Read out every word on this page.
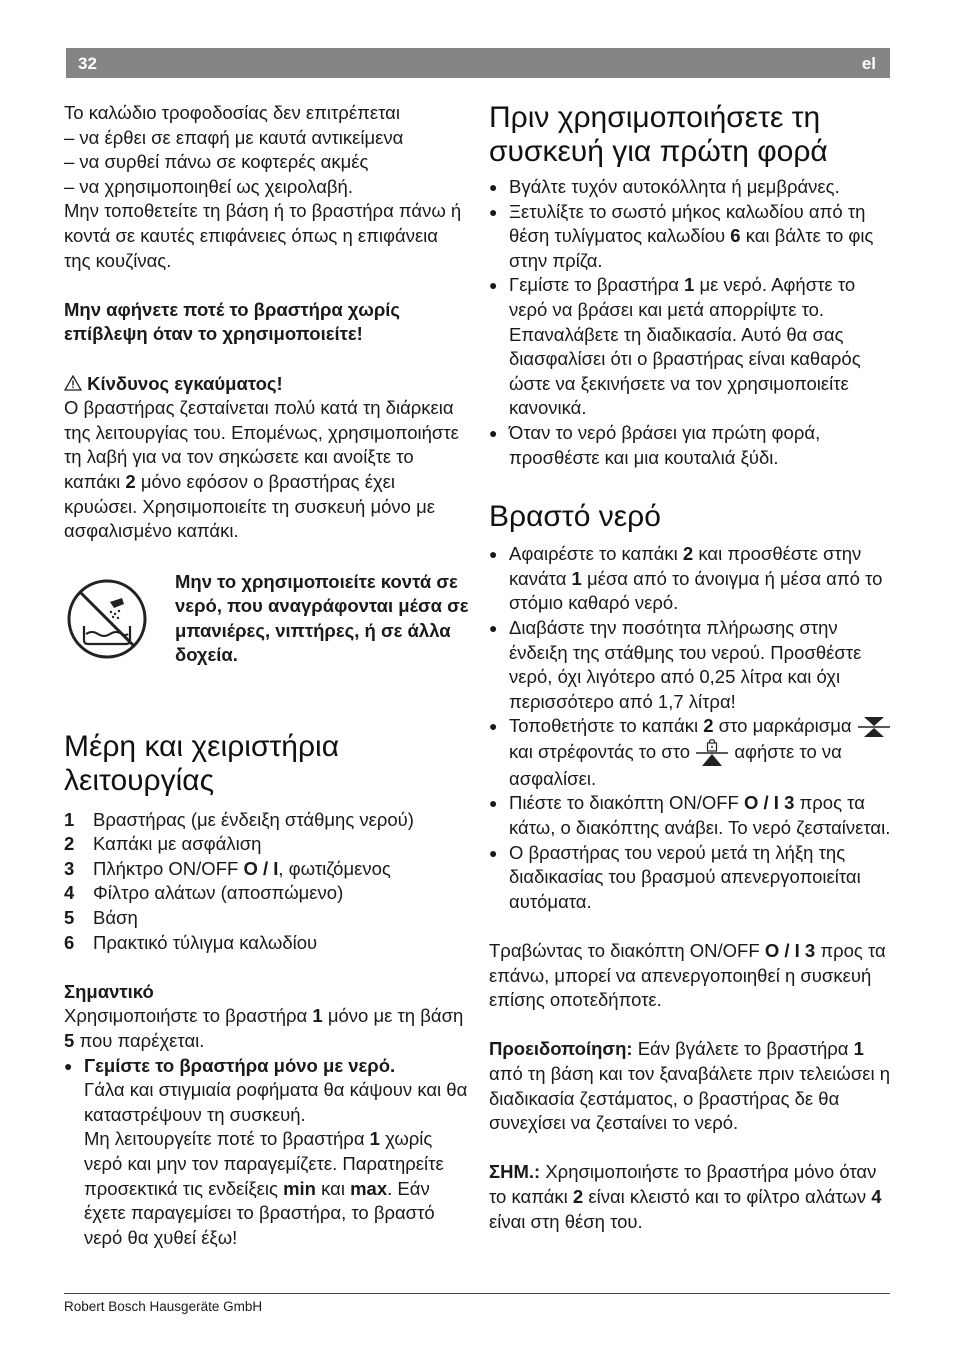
32	el

Το καλώδιο τροφοδοσίας δεν επιτρέπεται

– να έρθει σε επαφή με καυτά αντικείμενα

– να συρθεί πάνω σε κοφτερές ακμές

– να χρησιμοποιηθεί ως χειρολαβή.

Μην τοποθετείτε τη βάση ή το βραστήρα πάνω ή κοντά σε καυτές επιφάνειες όπως η επιφάνεια της κουζίνας.

Μην αφήνετε ποτέ το βραστήρα χωρίς επίβλεψη όταν το χρησιμοποιείτε!

Κίνδυνος εγκαύματος!

Ο βραστήρας ζεσταίνεται πολύ κατά τη διάρκεια της λειτουργίας του. Επομένως, χρησιμοποιήστε τη λαβή για να τον σηκώσετε και ανοίξτε το καπάκι 2 μόνο εφόσον ο βραστήρας έχει κρυώσει. Χρησιμοποιείτε τη συσκευή μόνο με ασφαλισμένο καπάκι.

Μην το χρησιμοποιείτε κοντά σε νερό, που αναγράφονται μέσα σε μπανιέρες, νιπτήρες, ή σε άλλα δοχεία.
Μέρη και χειριστήρια λειτουργίας

1 Βραστήρας (με ένδειξη στάθμης νερού)

2 Καπάκι με ασφάλιση

3 Πλήκτρο ON/OFF O / I, φωτιζόμενος

4 Φίλτρο αλάτων (αποσπώμενο)

5 Βάση

6 Πρακτικό τύλιγμα καλωδίου

Σημαντικό

Χρησιμοποιήστε το βραστήρα 1 μόνο με τη βάση 5 που παρέχεται.

● Γεμίστε το βραστήρα μόνο με νερό.
Γάλα και στιγμιαία ροφήματα θα κάψουν και θα καταστρέψουν τη συσκευή.
Μη λειτουργείτε ποτέ το βραστήρα 1 χωρίς νερό και μην τον παραγεμίζετε. Παρατηρείτε προσεκτικά τις ενδείξεις min και max. Εάν έχετε παραγεμίσει το βραστήρα, το βραστό νερό θα χυθεί έξω!

Πριν χρησιμοποιήσετε τη συσκευή για πρώτη φορά

● Βγάλτε τυχόν αυτοκόλλητα ή μεμβράνες.

● Ξετυλίξτε το σωστό μήκος καλωδίου από τη θέση τυλίγματος καλωδίου 6 και βάλτε το φις στην πρίζα.

● Γεμίστε το βραστήρα 1 με νερό. Αφήστε το νερό να βράσει και μετά απορρίψτε το. Επαναλάβετε τη διαδικασία. Αυτό θα σας διασφαλίσει ότι ο βραστήρας είναι καθαρός ώστε να ξεκινήσετε να τον χρησιμοποιείτε κανονικά.

● Όταν το νερό βράσει για πρώτη φορά, προσθέστε και μια κουταλιά ξύδι.

Βραστό νερό

● Αφαιρέστε το καπάκι 2 και προσθέστε στην κανάτα 1 μέσα από το άνοιγμα ή μέσα από το στόμιο καθαρό νερό.

● Διαβάστε την ποσότητα πλήρωσης στην ένδειξη της στάθμης του νερού. Προσθέστε νερό, όχι λιγότερο από 0,25 λίτρα και όχι περισσότερο από 1,7 λίτρα!

● Τοποθετήστε το καπάκι 2 στο μαρκάρισμα  και στρέφοντάς το στο αφήστε το να ασφαλίσει.

● Πιέστε το διακόπτη ON/OFF O / I 3 προς τα κάτω, ο διακόπτης ανάβει. Το νερό ζεσταίνεται.

● Ο βραστήρας του νερού μετά τη λήξη της διαδικασίας του βρασμού απενεργοποιείται αυτόματα.

Τραβώντας το διακόπτη ON/OFF O / I 3 προς τα επάνω, μπορεί να απενεργοποιηθεί η συσκευή επίσης οποτεδήποτε.

Προειδοποίηση: Εάν βγάλετε το βραστήρα 1 από τη βάση και τον ξαναβάλετε πριν τελειώσει η διαδικασία ζεστάματος, ο βραστήρας δε θα συνεχίσει να ζεσταίνει το νερό.

ΣΗΜ.: Χρησιμοποιήστε το βραστήρα μόνο όταν το καπάκι 2 είναι κλειστό και το φίλτρο αλάτων 4 είναι στη θέση του.

Robert Bosch Hausgeräte GmbH
